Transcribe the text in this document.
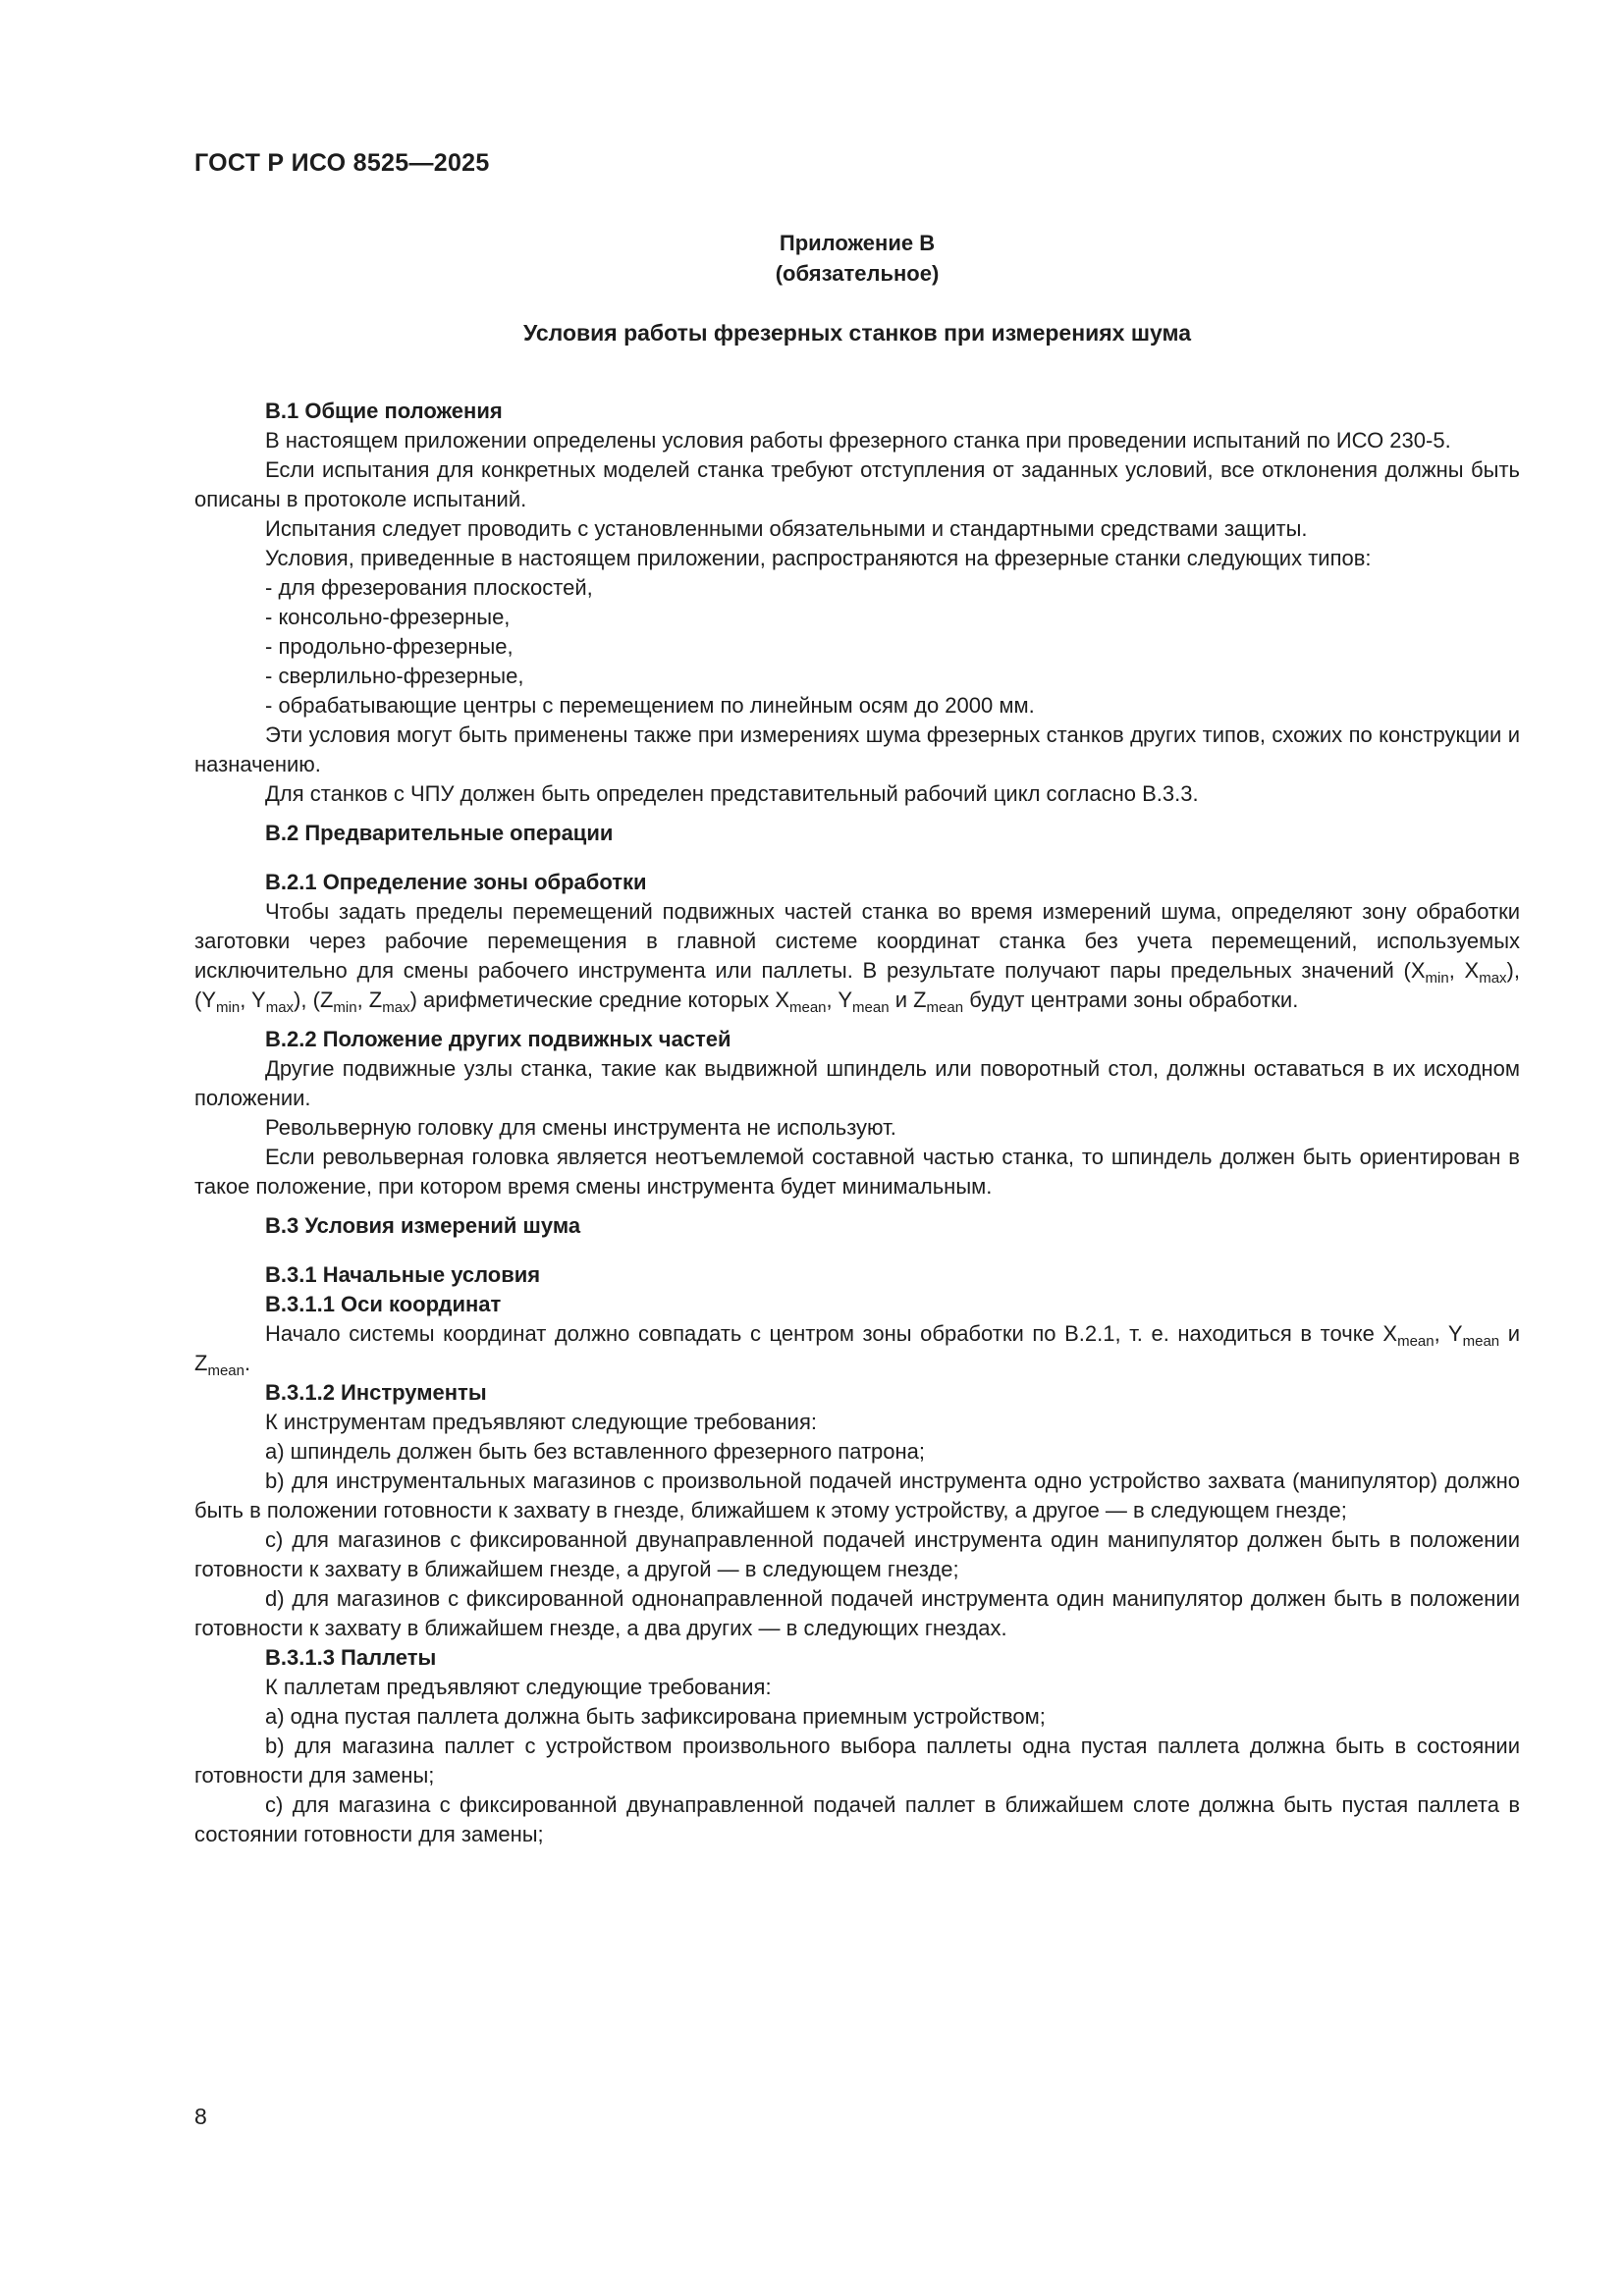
ГОСТ Р ИСО 8525—2025
Приложение В
(обязательное)
Условия работы фрезерных станков при измерениях шума

В.1 Общие положения

В настоящем приложении определены условия работы фрезерного станка при проведении испытаний по ИСО 230-5.

Если испытания для конкретных моделей станка требуют отступления от заданных условий, все отклонения должны быть описаны в протоколе испытаний.

Испытания следует проводить с установленными обязательными и стандартными средствами защиты.

Условия, приведенные в настоящем приложении, распространяются на фрезерные станки следующих типов:

- для фрезерования плоскостей,

- консольно-фрезерные,

- продольно-фрезерные,

- сверлильно-фрезерные,

- обрабатывающие центры с перемещением по линейным осям до 2000 мм.

Эти условия могут быть применены также при измерениях шума фрезерных станков других типов, схожих по конструкции и назначению.

Для станков с ЧПУ должен быть определен представительный рабочий цикл согласно В.3.3.

В.2 Предварительные операции

В.2.1 Определение зоны обработки

Чтобы задать пределы перемещений подвижных частей станка во время измерений шума, определяют зону обработки заготовки через рабочие перемещения в главной системе координат станка без учета перемещений, используемых исключительно для смены рабочего инструмента или паллеты. В результате получают пары предельных значений ($X_{min}$, $X_{max}$), ($Y_{min}$, $Y_{max}$), ($Z_{min}$, $Z_{max}$) арифметические средние которых $X_{mean}$, $Y_{mean}$ и $Z_{mean}$ будут центрами зоны обработки.

В.2.2 Положение других подвижных частей

Другие подвижные узлы станка, такие как выдвижной шпиндель или поворотный стол, должны оставаться в их исходном положении.

Револьверную головку для смены инструмента не используют.

Если револьверная головка является неотъемлемой составной частью станка, то шпиндель должен быть ориентирован в такое положение, при котором время смены инструмента будет минимальным.

В.3 Условия измерений шума

В.3.1 Начальные условия

В.3.1.1 Оси координат

Начало системы координат должно совпадать с центром зоны обработки по В.2.1, т. е. находиться в точке $X_{mean}$, $Y_{mean}$ и $Z_{mean}$.

В.3.1.2 Инструменты

К инструментам предъявляют следующие требования:

a) шпиндель должен быть без вставленного фрезерного патрона;

b) для инструментальных магазинов с произвольной подачей инструмента одно устройство захвата (манипулятор) должно быть в положении готовности к захвату в гнезде, ближайшем к этому устройству, а другое — в следующем гнезде;

c) для магазинов с фиксированной двунаправленной подачей инструмента один манипулятор должен быть в положении готовности к захвату в ближайшем гнезде, а другой — в следующем гнезде;

d) для магазинов с фиксированной однонаправленной подачей инструмента один манипулятор должен быть в положении готовности к захвату в ближайшем гнезде, а два других — в следующих гнездах.

В.3.1.3 Паллеты

К паллетам предъявляют следующие требования:

a) одна пустая паллета должна быть зафиксирована приемным устройством;

b) для магазина паллет с устройством произвольного выбора паллеты одна пустая паллета должна быть в состоянии готовности для замены;

c) для магазина с фиксированной двунаправленной подачей паллет в ближайшем слоте должна быть пустая паллета в состоянии готовности для замены;

8
